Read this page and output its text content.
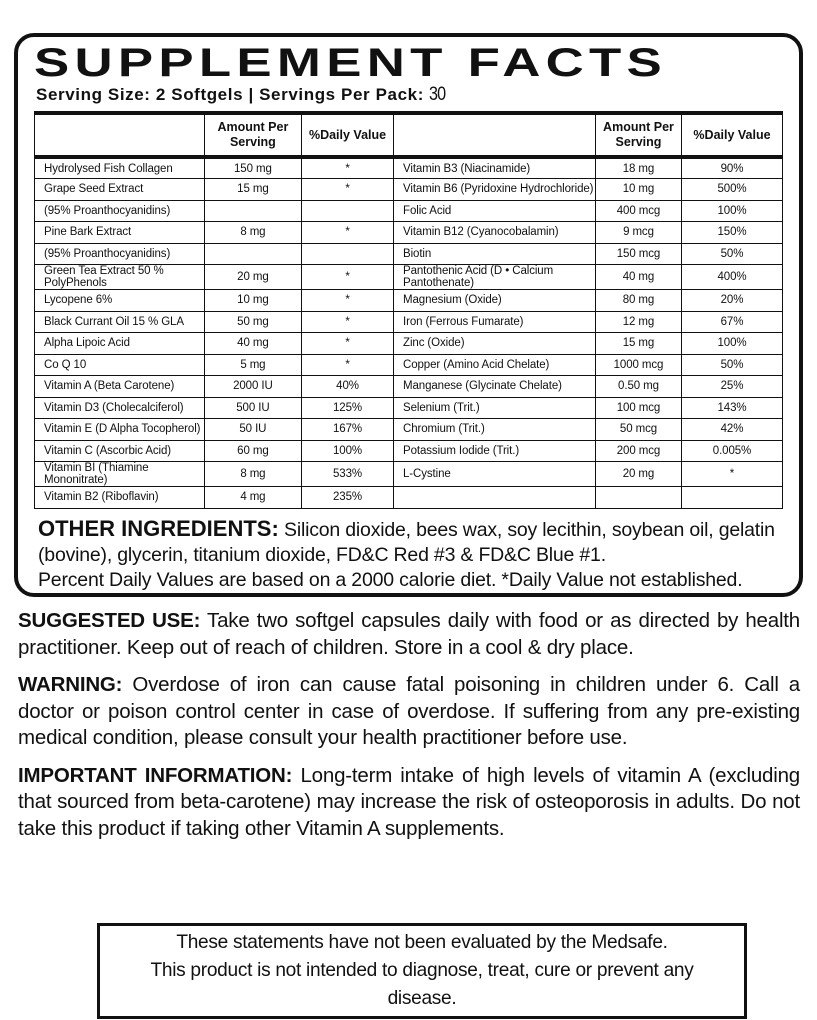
SUPPLEMENT FACTS
Serving Size: 2 Softgels | Servings Per Pack: 30
	Amount Per Serving	%Daily Value		Amount Per Serving	%Daily Value
Hydrolysed Fish Collagen	150 mg	*	Vitamin B3 (Niacinamide)	18 mg	90%
Grape Seed Extract	15 mg	*	Vitamin B6 (Pyridoxine Hydrochloride)	10 mg	500%
(95% Proanthocyanidins)			Folic Acid	400 mcg	100%
Pine Bark Extract	8 mg	*	Vitamin B12 (Cyanocobalamin)	9 mcg	150%
(95% Proanthocyanidins)			Biotin	150 mcg	50%
Green Tea Extract 50 % PolyPhenols	20 mg	*	Pantothenic Acid (D • Calcium Pantothenate)	40 mg	400%
Lycopene 6%	10 mg	*	Magnesium (Oxide)	80 mg	20%
Black Currant Oil 15 % GLA	50 mg	*	Iron (Ferrous Fumarate)	12 mg	67%
Alpha Lipoic Acid	40 mg	*	Zinc (Oxide)	15 mg	100%
Co Q 10	5 mg	*	Copper (Amino Acid Chelate)	1000 mcg	50%
Vitamin A (Beta Carotene)	2000 IU	40%	Manganese (Glycinate Chelate)	0.50 mg	25%
Vitamin D3 (Cholecalciferol)	500 IU	125%	Selenium (Trit.)	100 mcg	143%
Vitamin E (D Alpha Tocopherol)	50 IU	167%	Chromium (Trit.)	50 mcg	42%
Vitamin C (Ascorbic Acid)	60 mg	100%	Potassium Iodide (Trit.)	200 mcg	0.005%
Vitamin BI (Thiamine Mononitrate)	8 mg	533%	L-Cystine	20 mg	*
Vitamin B2 (Riboflavin)	4 mg	235%			
OTHER INGREDIENTS: Silicon dioxide, bees wax, soy lecithin, soybean oil, gelatin (bovine), glycerin, titanium dioxide, FD&C Red #3 & FD&C Blue #1.
Percent Daily Values are based on a 2000 calorie diet. *Daily Value not established.
SUGGESTED USE: Take two softgel capsules daily with food or as directed by health practitioner. Keep out of reach of children. Store in a cool & dry place.
WARNING: Overdose of iron can cause fatal poisoning in children under 6. Call a doctor or poison control center in case of overdose. If suffering from any pre-existing medical condition, please consult your health practitioner before use.
IMPORTANT INFORMATION: Long-term intake of high levels of vitamin A (excluding that sourced from beta-carotene) may increase the risk of osteoporosis in adults. Do not take this product if taking other Vitamin A supplements.
These statements have not been evaluated by the Medsafe.
This product is not intended to diagnose, treat, cure or prevent any disease.
